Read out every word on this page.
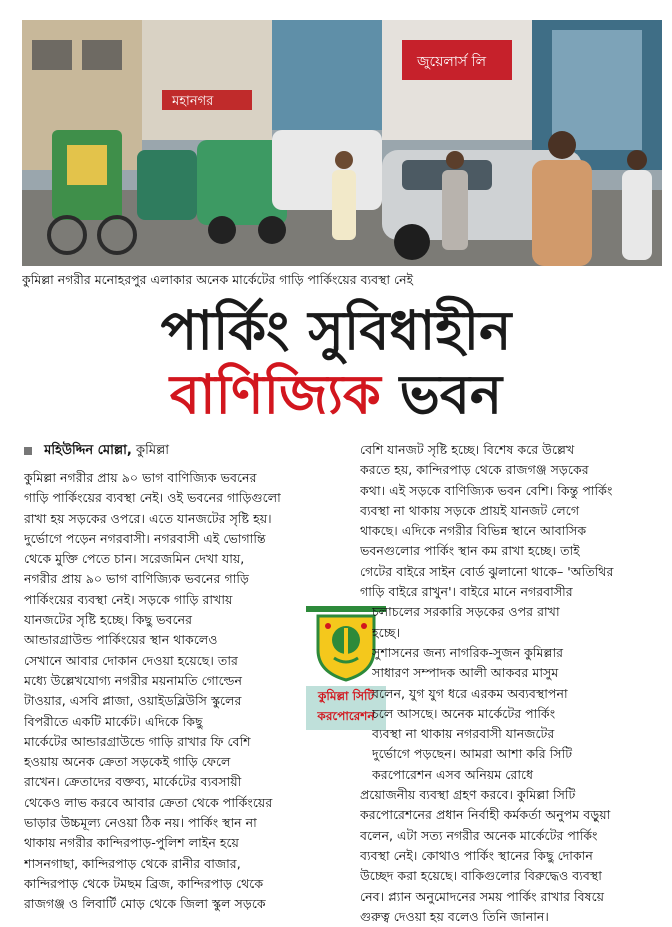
মহানগর
জুয়েলার্স লি
কুমিল্লা নগরীর মনোহরপুর এলাকার অনেক মার্কেটের গাড়ি পার্কিংয়ের ব্যবস্থা নেই
পার্কিং সুবিধাহীন
বাণিজ্যিক ভবন
মহিউদ্দিন মোল্লা, কুমিল্লা

কুমিল্লা নগরীর প্রায় ৯০ ভাগ বাণিজ্যিক ভবনের

গাড়ি পার্কিংয়ের ব্যবস্থা নেই। ওই ভবনের গাড়িগুলো

রাখা হয় সড়কের ওপরে। এতে যানজটের সৃষ্টি হয়।

দুর্ভোগে পড়েন নগরবাসী। নগরবাসী এই ভোগান্তি

থেকে মুক্তি পেতে চান। সরেজমিন দেখা যায়,

নগরীর প্রায় ৯০ ভাগ বাণিজ্যিক ভবনের গাড়ি

পার্কিংয়ের ব্যবস্থা নেই। সড়কে গাড়ি রাখায়

যানজটের সৃষ্টি হচ্ছে। কিছু ভবনের

আন্ডারগ্রাউন্ড পার্কিংয়ের স্থান থাকলেও

সেখানে আবার দোকান দেওয়া হয়েছে। তার

মধ্যে উল্লেখযোগ্য নগরীর ময়নামতি গোল্ডেন

টাওয়ার, এসবি প্লাজা, ওয়াইডব্লিউসি স্কুলের

বিপরীতে একটি মার্কেট। এদিকে কিছু

মার্কেটের আন্ডারগ্রাউন্ডে গাড়ি রাখার ফি বেশি

হওয়ায় অনেক ক্রেতা সড়কেই গাড়ি ফেলে

রাখেন। ক্রেতাদের বক্তব্য, মার্কেটের ব্যবসায়ী

থেকেও লাভ করবে আবার ক্রেতা থেকে পার্কিংয়ের

ভাড়ার উচ্চমূল্য নেওয়া ঠিক নয়। পার্কিং স্থান না

থাকায় নগরীর কান্দিরপাড়-পুলিশ লাইন হয়ে

শাসনগাছা, কান্দিরপাড় থেকে রানীর বাজার,

কান্দিরপাড় থেকে টমছম ব্রিজ, কান্দিরপাড় থেকে

রাজগঞ্জ ও লিবার্টি মোড় থেকে জিলা স্কুল সড়কে

কুমিল্লা সিটি
করপোরেশন

বেশি যানজট সৃষ্টি হচ্ছে। বিশেষ করে উল্লেখ

করতে হয়, কান্দিরপাড় থেকে রাজগঞ্জ সড়কের

কথা। এই সড়কে বাণিজ্যিক ভবন বেশি। কিন্তু পার্কিং

ব্যবস্থা না থাকায় সড়কে প্রায়ই যানজট লেগে

থাকছে। এদিকে নগরীর বিভিন্ন স্থানে আবাসিক

ভবনগুলোর পার্কিং স্থান কম রাখা হচ্ছে। তাই

গেটের বাইরে সাইন বোর্ড ঝুলানো থাকে– 'অতিথির

গাড়ি বাইরে রাখুন'। বাইরে মানে নগরবাসীর

চলাচলের সরকারি সড়কের ওপর রাখা

হচ্ছে।

সুশাসনের জন্য নাগরিক-সুজন কুমিল্লার

সাধারণ সম্পাদক আলী আকবর মাসুম

বলেন, যুগ যুগ ধরে এরকম অব্যবস্থাপনা

চলে আসছে। অনেক মার্কেটের পার্কিং

ব্যবস্থা না থাকায় নগরবাসী যানজটের

দুর্ভোগে পড়ছেন। আমরা আশা করি সিটি

করপোরেশন এসব অনিয়ম রোধে

প্রয়োজনীয় ব্যবস্থা গ্রহণ করবে। কুমিল্লা সিটি

করপোরেশনের প্রধান নির্বাহী কর্মকর্তা অনুপম বড়ুয়া

বলেন, এটা সত্য নগরীর অনেক মার্কেটের পার্কিং

ব্যবস্থা নেই। কোথাও পার্কিং স্থানের কিছু দোকান

উচ্ছেদ করা হয়েছে। বাকিগুলোর বিরুদ্ধেও ব্যবস্থা

নেব। প্ল্যান অনুমোদনের সময় পার্কিং রাখার বিষয়ে

গুরুত্ব দেওয়া হয় বলেও তিনি জানান।
